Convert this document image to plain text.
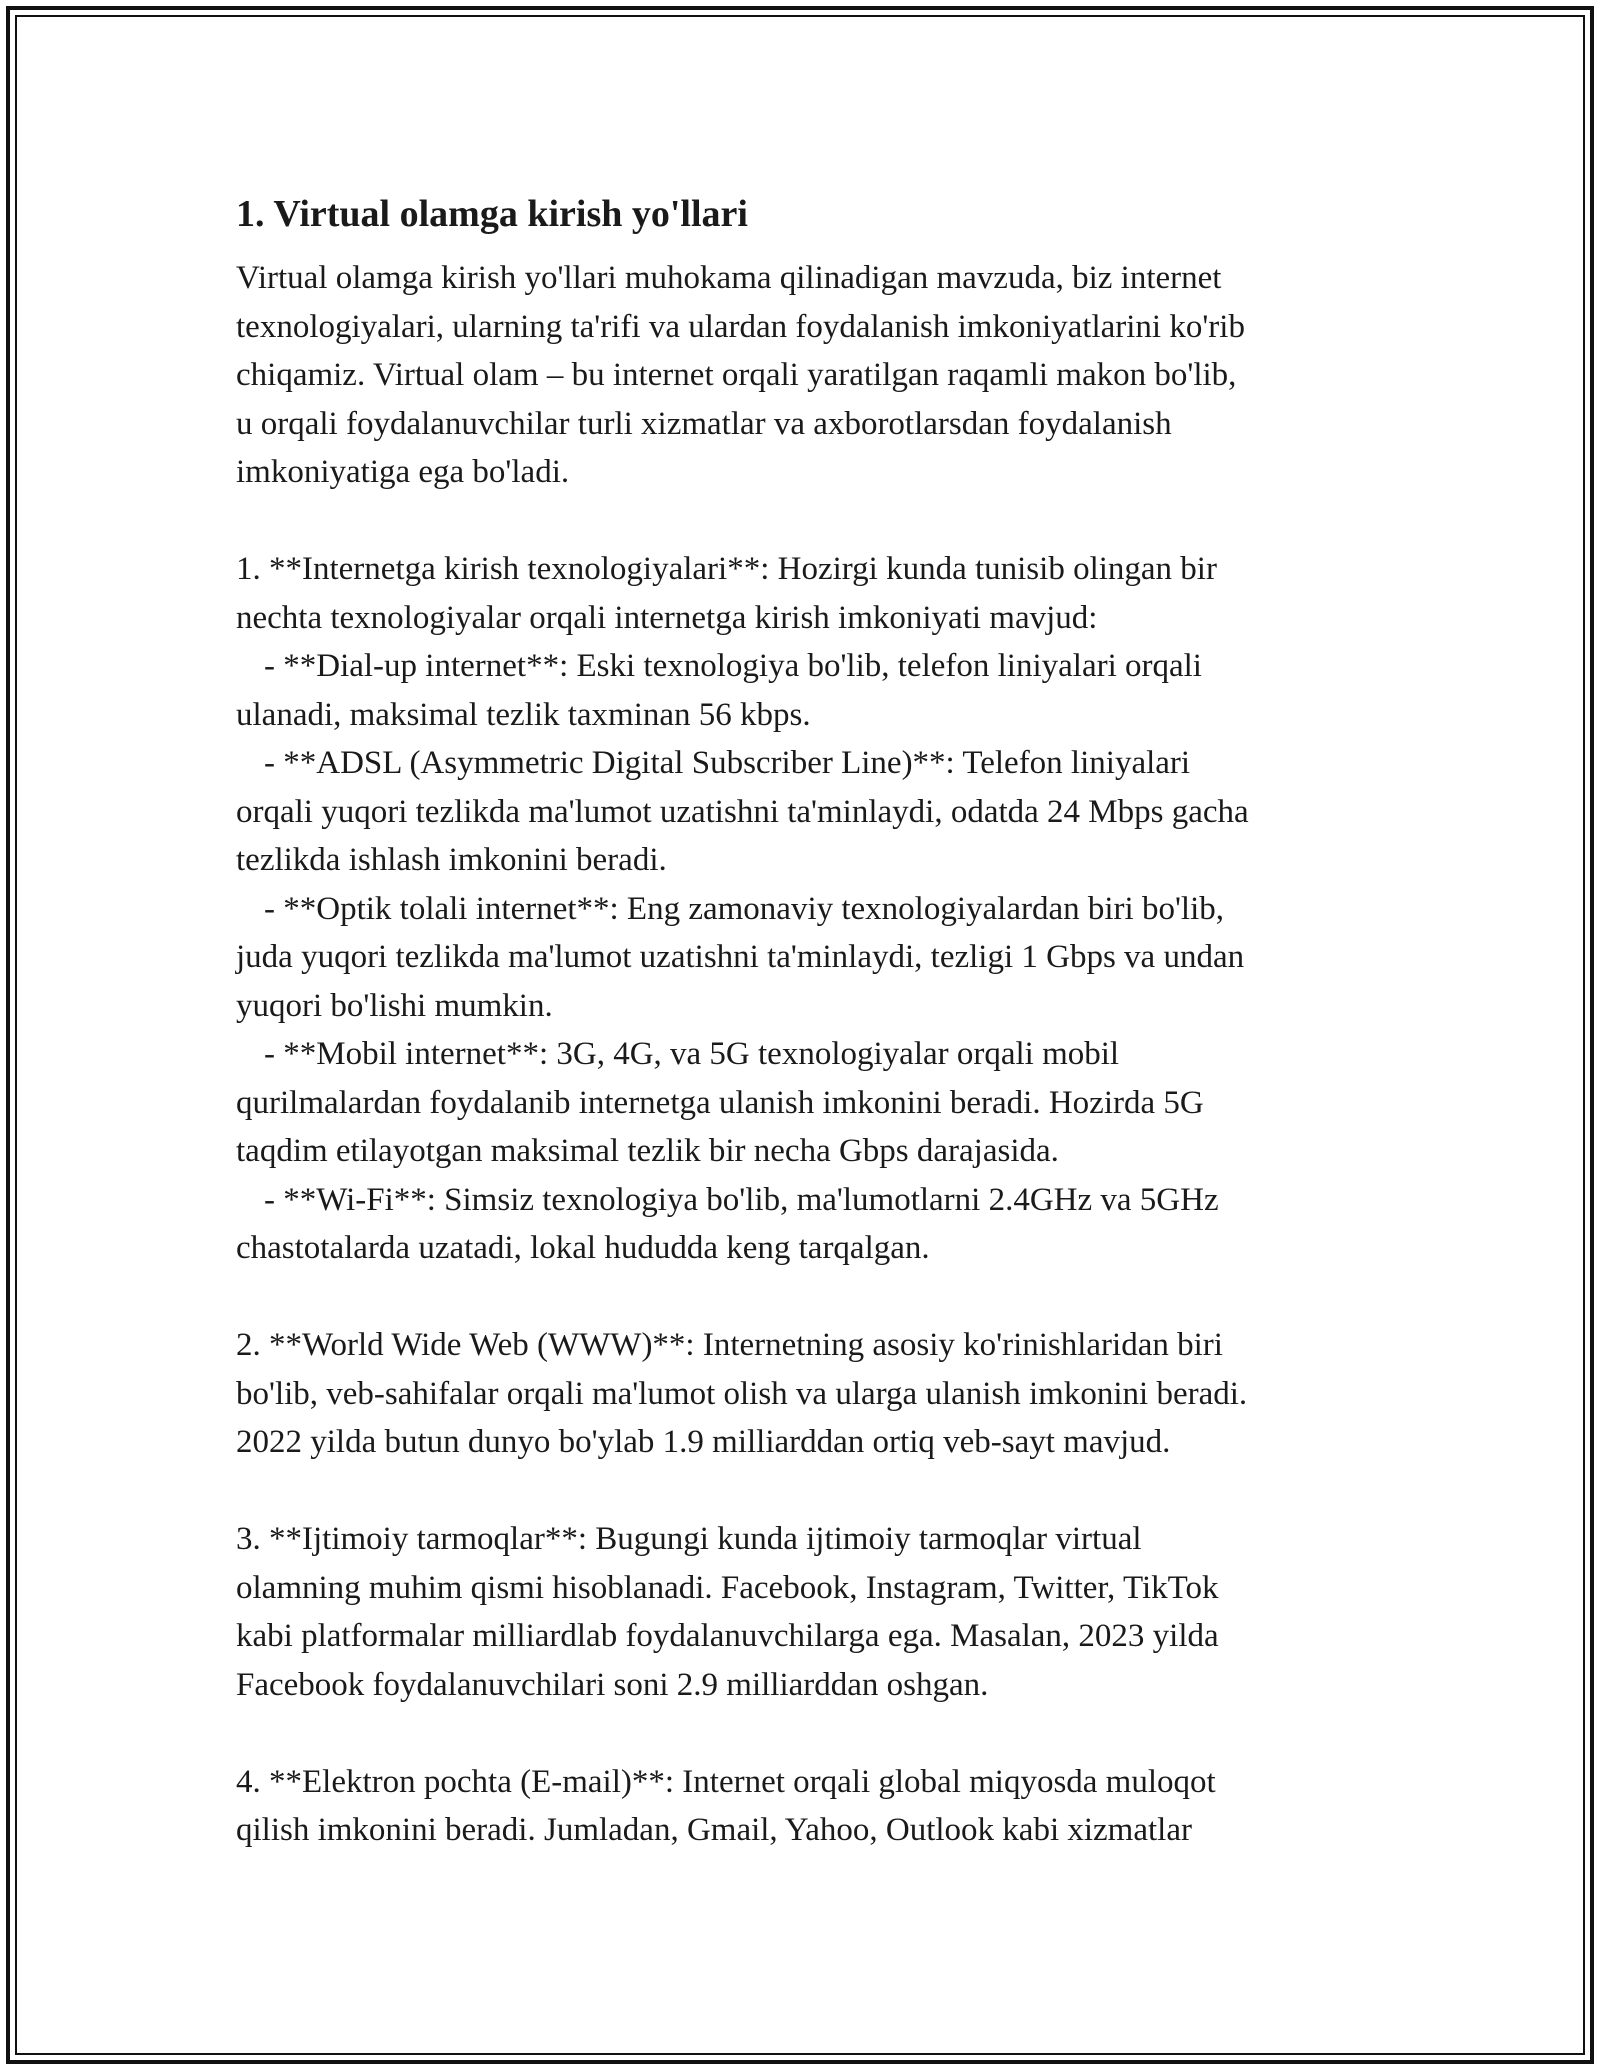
1. Virtual olamga kirish yo'llari

Virtual olamga kirish yo'llari muhokama qilinadigan mavzuda, biz internet
texnologiyalari, ularning ta'rifi va ulardan foydalanish imkoniyatlarini ko'rib
chiqamiz. Virtual olam – bu internet orqali yaratilgan raqamli makon bo'lib,
u orqali foydalanuvchilar turli xizmatlar va axborotlarsdan foydalanish
imkoniyatiga ega bo'ladi.

1. **Internetga kirish texnologiyalari**: Hozirgi kunda tunisib olingan bir
nechta texnologiyalar orqali internetga kirish imkoniyati mavjud:
- **Dial-up internet**: Eski texnologiya bo'lib, telefon liniyalari orqali
ulanadi, maksimal tezlik taxminan 56 kbps.
- **ADSL (Asymmetric Digital Subscriber Line)**: Telefon liniyalari
orqali yuqori tezlikda ma'lumot uzatishni ta'minlaydi, odatda 24 Mbps gacha
tezlikda ishlash imkonini beradi.
- **Optik tolali internet**: Eng zamonaviy texnologiyalardan biri bo'lib,
juda yuqori tezlikda ma'lumot uzatishni ta'minlaydi, tezligi 1 Gbps va undan
yuqori bo'lishi mumkin.
- **Mobil internet**: 3G, 4G, va 5G texnologiyalar orqali mobil
qurilmalardan foydalanib internetga ulanish imkonini beradi. Hozirda 5G
taqdim etilayotgan maksimal tezlik bir necha Gbps darajasida.
- **Wi-Fi**: Simsiz texnologiya bo'lib, ma'lumotlarni 2.4GHz va 5GHz
chastotalarda uzatadi, lokal hududda keng tarqalgan.

2. **World Wide Web (WWW)**: Internetning asosiy ko'rinishlaridan biri
bo'lib, veb-sahifalar orqali ma'lumot olish va ularga ulanish imkonini beradi.
2022 yilda butun dunyo bo'ylab 1.9 milliarddan ortiq veb-sayt mavjud.

3. **Ijtimoiy tarmoqlar**: Bugungi kunda ijtimoiy tarmoqlar virtual
olamning muhim qismi hisoblanadi. Facebook, Instagram, Twitter, TikTok
kabi platformalar milliardlab foydalanuvchilarga ega. Masalan, 2023 yilda
Facebook foydalanuvchilari soni 2.9 milliarddan oshgan.

4. **Elektron pochta (E-mail)**: Internet orqali global miqyosda muloqot
qilish imkonini beradi. Jumladan, Gmail, Yahoo, Outlook kabi xizmatlar
